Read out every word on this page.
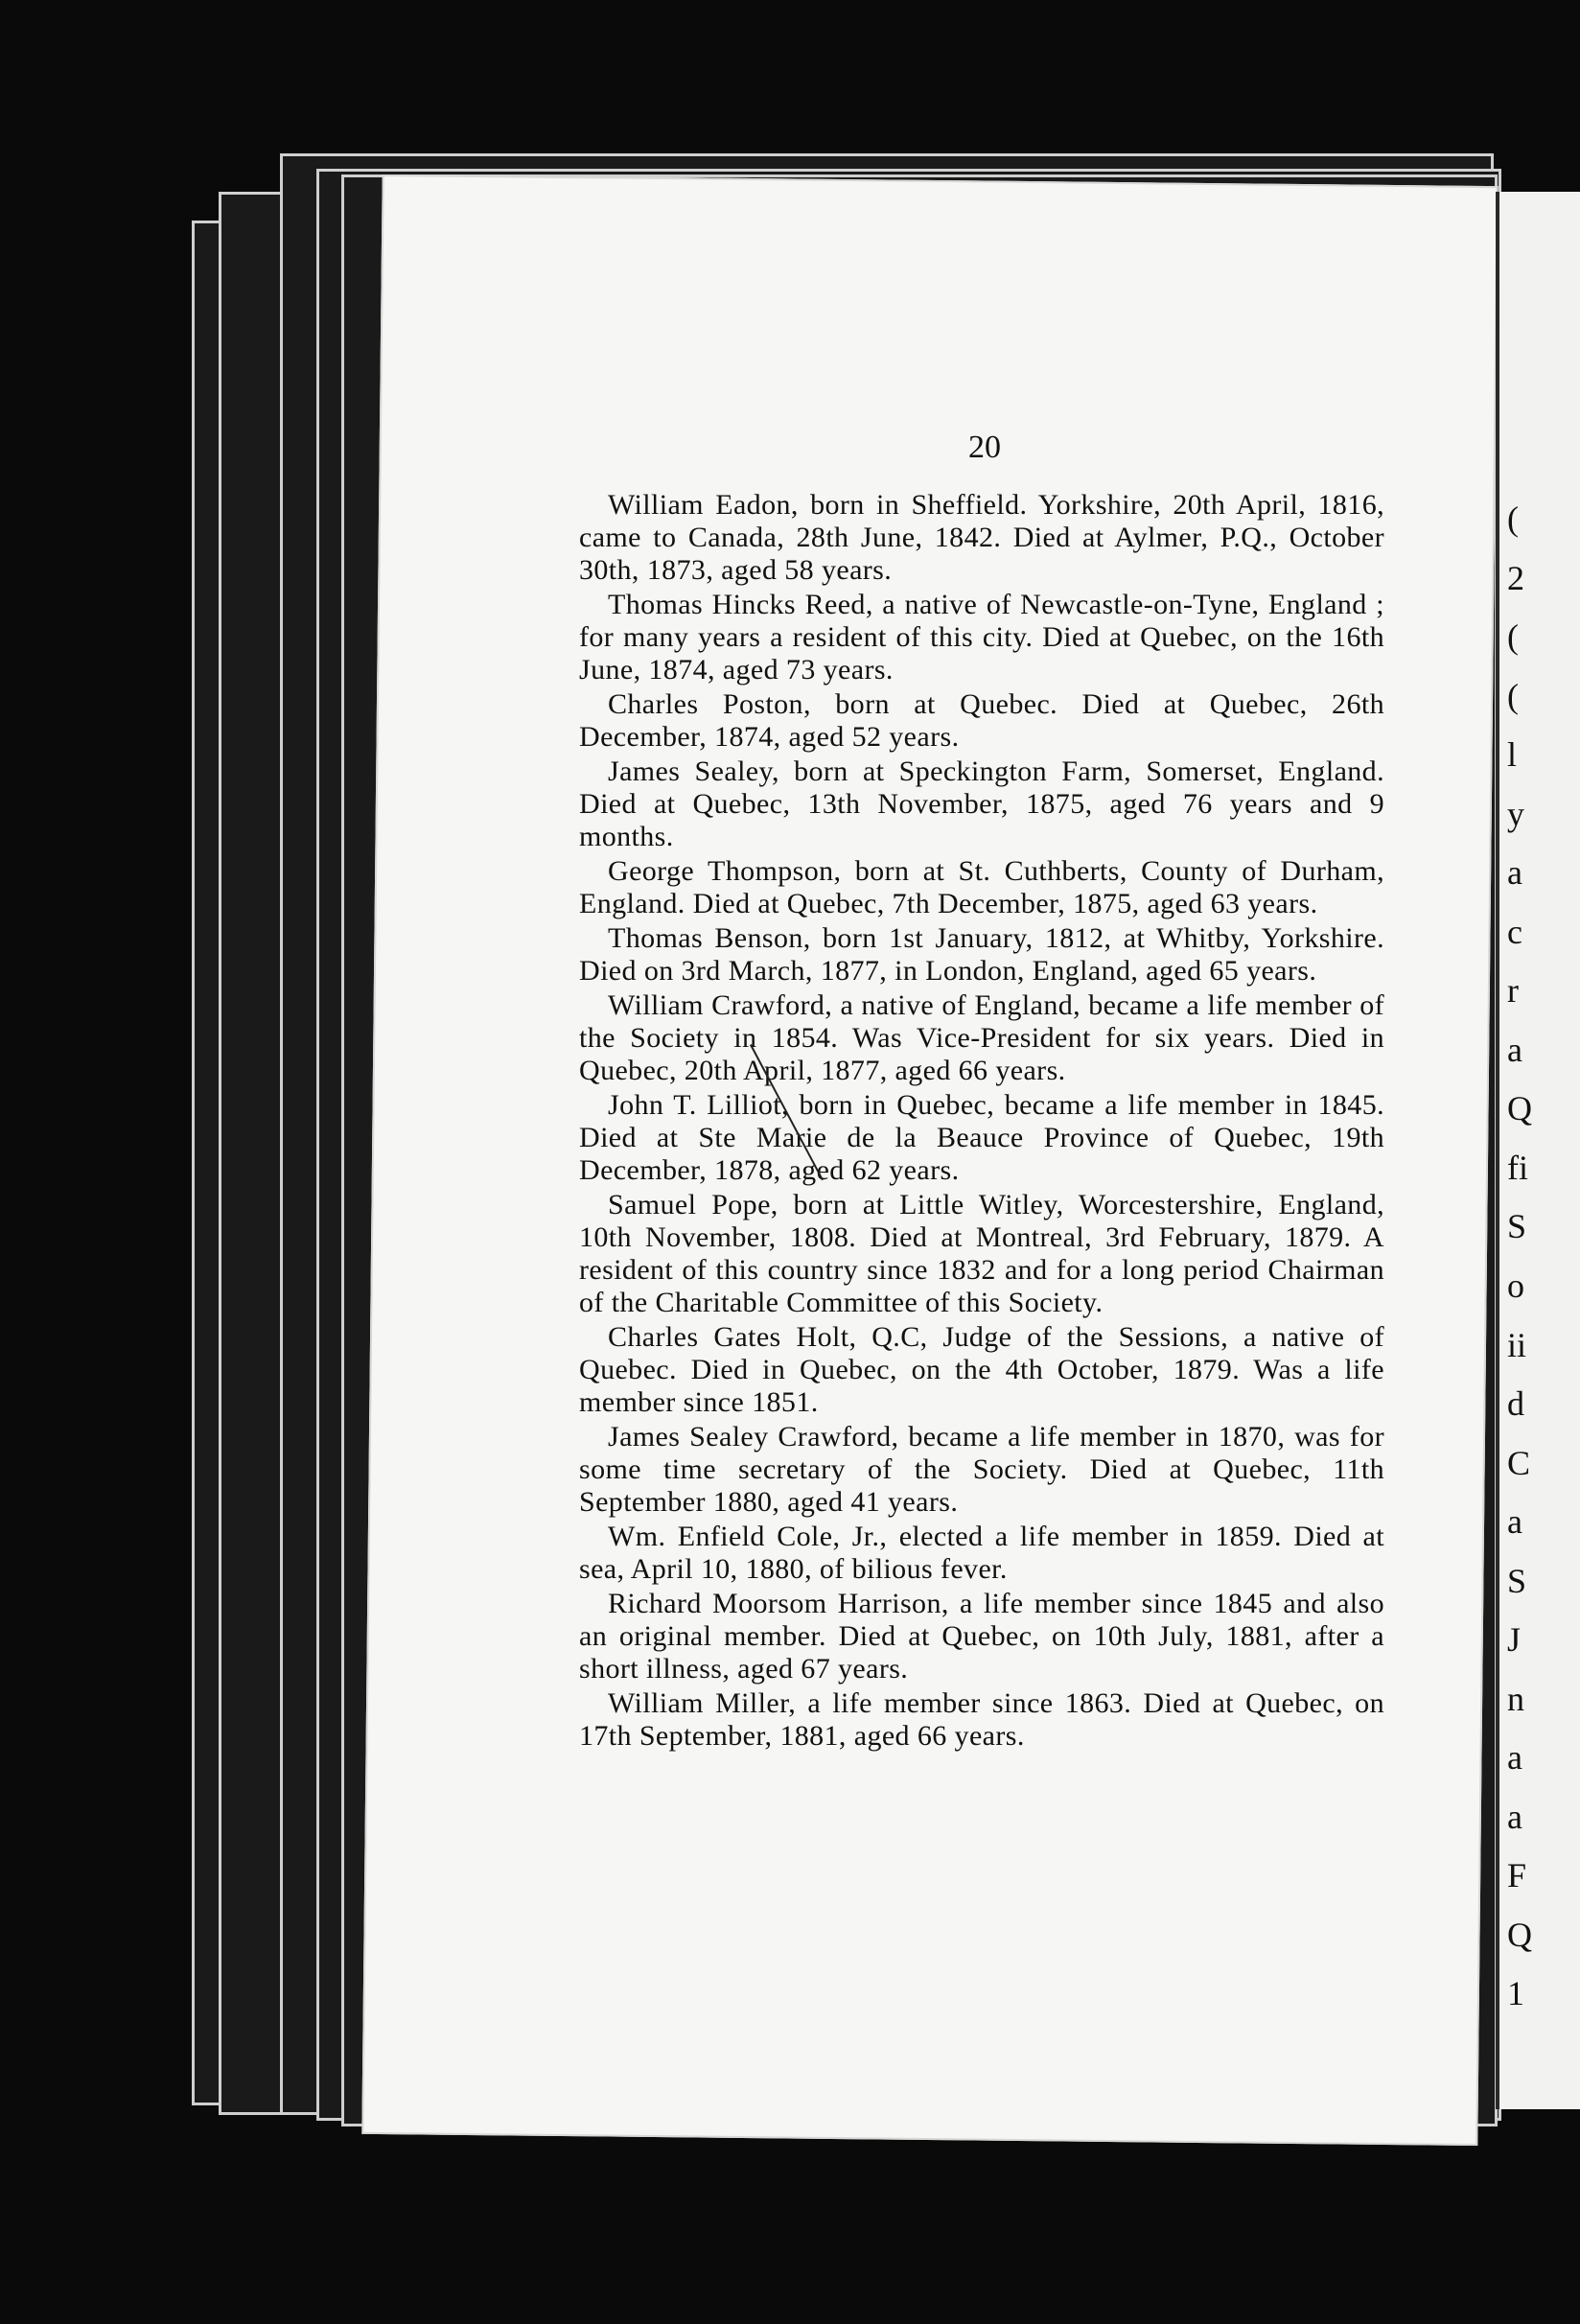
(
2
(
(
l
y
a
c
r
a
Q
fi
S
o
ii
d
C
a
S
J
n
a
a
F
Q
1
20

William Eadon, born in Sheffield. Yorkshire, 20th April, 1816, came to Canada, 28th June, 1842. Died at Aylmer, P.Q., October 30th, 1873, aged 58 years.

Thomas Hincks Reed, a native of Newcastle-on-Tyne, England ; for many years a resident of this city. Died at Quebec, on the 16th June, 1874, aged 73 years.

Charles Poston, born at Quebec. Died at Quebec, 26th December, 1874, aged 52 years.

James Sealey, born at Speckington Farm, Somerset, England. Died at Quebec, 13th November, 1875, aged 76 years and 9 months.

George Thompson, born at St. Cuthberts, County of Durham, England. Died at Quebec, 7th December, 1875, aged 63 years.

Thomas Benson, born 1st January, 1812, at Whitby, Yorkshire. Died on 3rd March, 1877, in London, England, aged 65 years.

William Crawford, a native of England, became a life member of the Society in 1854. Was Vice-President for six years. Died in Quebec, 20th April, 1877, aged 66 years.

John T. Lilliot, born in Quebec, became a life member in 1845. Died at Ste Marie de la Beauce Province of Quebec, 19th December, 1878, aged 62 years.

Samuel Pope, born at Little Witley, Worcestershire, England, 10th November, 1808. Died at Montreal, 3rd February, 1879. A resident of this country since 1832 and for a long period Chairman of the Charitable Committee of this Society.

Charles Gates Holt, Q.C, Judge of the Sessions, a native of Quebec. Died in Quebec, on the 4th October, 1879. Was a life member since 1851.

James Sealey Crawford, became a life member in 1870, was for some time secretary of the Society. Died at Quebec, 11th September 1880, aged 41 years.

Wm. Enfield Cole, Jr., elected a life member in 1859. Died at sea, April 10, 1880, of bilious fever.

Richard Moorsom Harrison, a life member since 1845 and also an original member. Died at Quebec, on 10th July, 1881, after a short illness, aged 67 years.

William Miller, a life member since 1863. Died at Quebec, on 17th September, 1881, aged 66 years.
